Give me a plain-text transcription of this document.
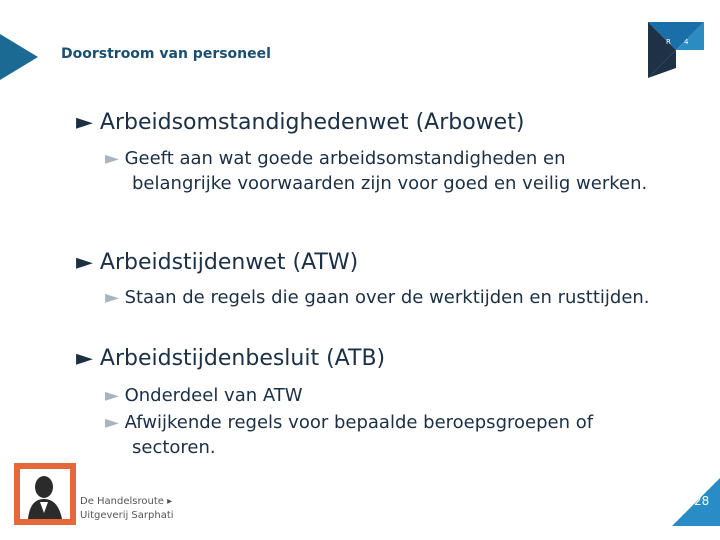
Doorstroom van personeel
R 4
► Arbeidsomstandighedenwet (Arbowet)
► Geeft aan wat goede arbeidsomstandigheden en
belangrijke voorwaarden zijn voor goed en veilig werken.
► Arbeidstijdenwet (ATW)
► Staan de regels die gaan over de werktijden en rusttijden.
► Arbeidstijdenbesluit (ATB)
► Onderdeel van ATW
► Afwijkende regels voor bepaalde beroepsgroepen of
sectoren.
De Handelsroute ▸
Uitgeverij Sarphati
28
